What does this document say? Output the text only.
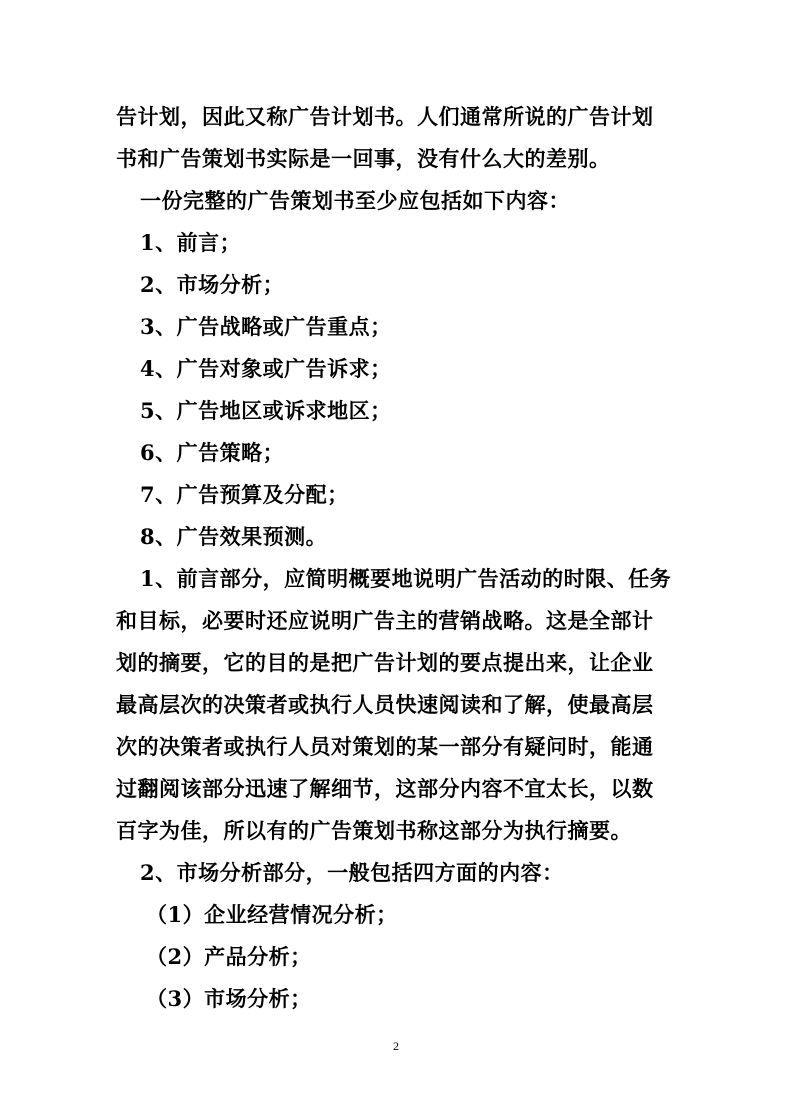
告计划，因此又称广告计划书。人们通常所说的广告计划
书和广告策划书实际是一回事，没有什么大的差别。
一份完整的广告策划书至少应包括如下内容：
1、前言；
2、市场分析；
3、广告战略或广告重点；
4、广告对象或广告诉求；
5、广告地区或诉求地区；
6、广告策略；
7、广告预算及分配；
8、广告效果预测。
1、前言部分，应简明概要地说明广告活动的时限、任务
和目标，必要时还应说明广告主的营销战略。这是全部计
划的摘要，它的目的是把广告计划的要点提出来，让企业
最高层次的决策者或执行人员快速阅读和了解，使最高层
次的决策者或执行人员对策划的某一部分有疑问时，能通
过翻阅该部分迅速了解细节，这部分内容不宜太长，以数
百字为佳，所以有的广告策划书称这部分为执行摘要。
2、市场分析部分，一般包括四方面的内容：
（1）企业经营情况分析；
（2）产品分析；
（3）市场分析；
2
